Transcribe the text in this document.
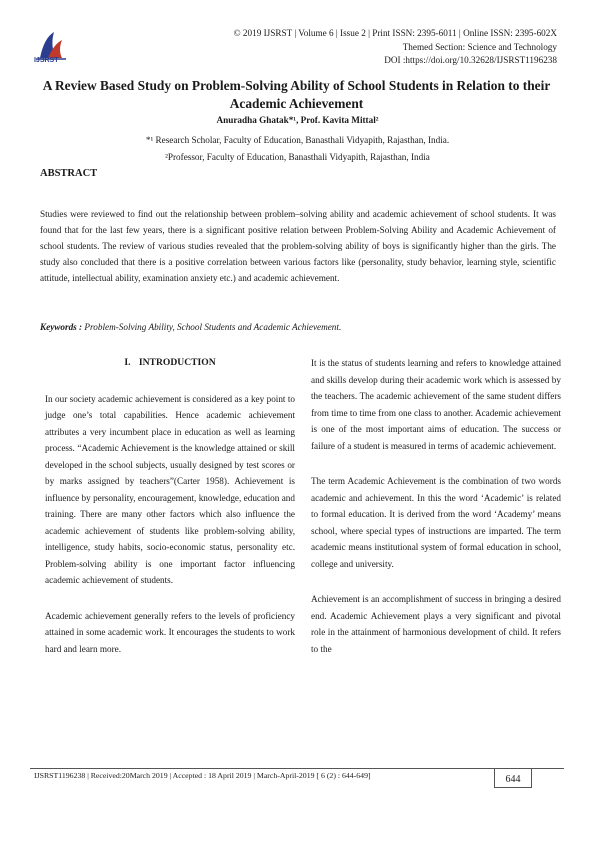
IJSRST
© 2019 IJSRST | Volume 6 | Issue 2 | Print ISSN: 2395-6011 | Online ISSN: 2395-602X
Themed Section: Science and Technology
DOI :https://doi.org/10.32628/IJSRST1196238
A Review Based Study on Problem-Solving Ability of School Students in Relation to their Academic Achievement
Anuradha Ghatak*¹, Prof. Kavita Mittal²
*¹ Research Scholar, Faculty of Education, Banasthali Vidyapith, Rajasthan, India.
²Professor, Faculty of Education, Banasthali Vidyapith, Rajasthan, India
ABSTRACT
Studies were reviewed to find out the relationship between problem–solving ability and academic achievement of school students. It was found that for the last few years, there is a significant positive relation between Problem-Solving Ability and Academic Achievement of school students. The review of various studies revealed that the problem-solving ability of boys is significantly higher than the girls. The study also concluded that there is a positive correlation between various factors like (personality, study behavior, learning style, scientific attitude, intellectual ability, examination anxiety etc.) and academic achievement.
Keywords : Problem-Solving Ability, School Students and Academic Achievement.
I. INTRODUCTION

In our society academic achievement is considered as a key point to judge one’s total capabilities. Hence academic achievement attributes a very incumbent place in education as well as learning process. “Academic Achievement is the knowledge attained or skill developed in the school subjects, usually designed by test scores or by marks assigned by teachers”(Carter 1958). Achievement is influence by personality, encouragement, knowledge, education and training. There are many other factors which also influence the academic achievement of students like problem-solving ability, intelligence, study habits, socio-economic status, personality etc. Problem-solving ability is one important factor influencing academic achievement of students.

Academic achievement generally refers to the levels of proficiency attained in some academic work. It encourages the students to work hard and learn more.

It is the status of students learning and refers to knowledge attained and skills develop during their academic work which is assessed by the teachers. The academic achievement of the same student differs from time to time from one class to another. Academic achievement is one of the most important aims of education. The success or failure of a student is measured in terms of academic achievement.

The term Academic Achievement is the combination of two words academic and achievement. In this the word ‘Academic’ is related to formal education. It is derived from the word ‘Academy’ means school, where special types of instructions are imparted. The term academic means institutional system of formal education in school, college and university.

Achievement is an accomplishment of success in bringing a desired end. Academic Achievement plays a very significant and pivotal role in the attainment of harmonious development of child. It refers to the

IJSRST1196238 | Received:20March 2019 | Accepted : 18 April 2019 | March-April-2019 [ 6 (2) : 644-649]	644
